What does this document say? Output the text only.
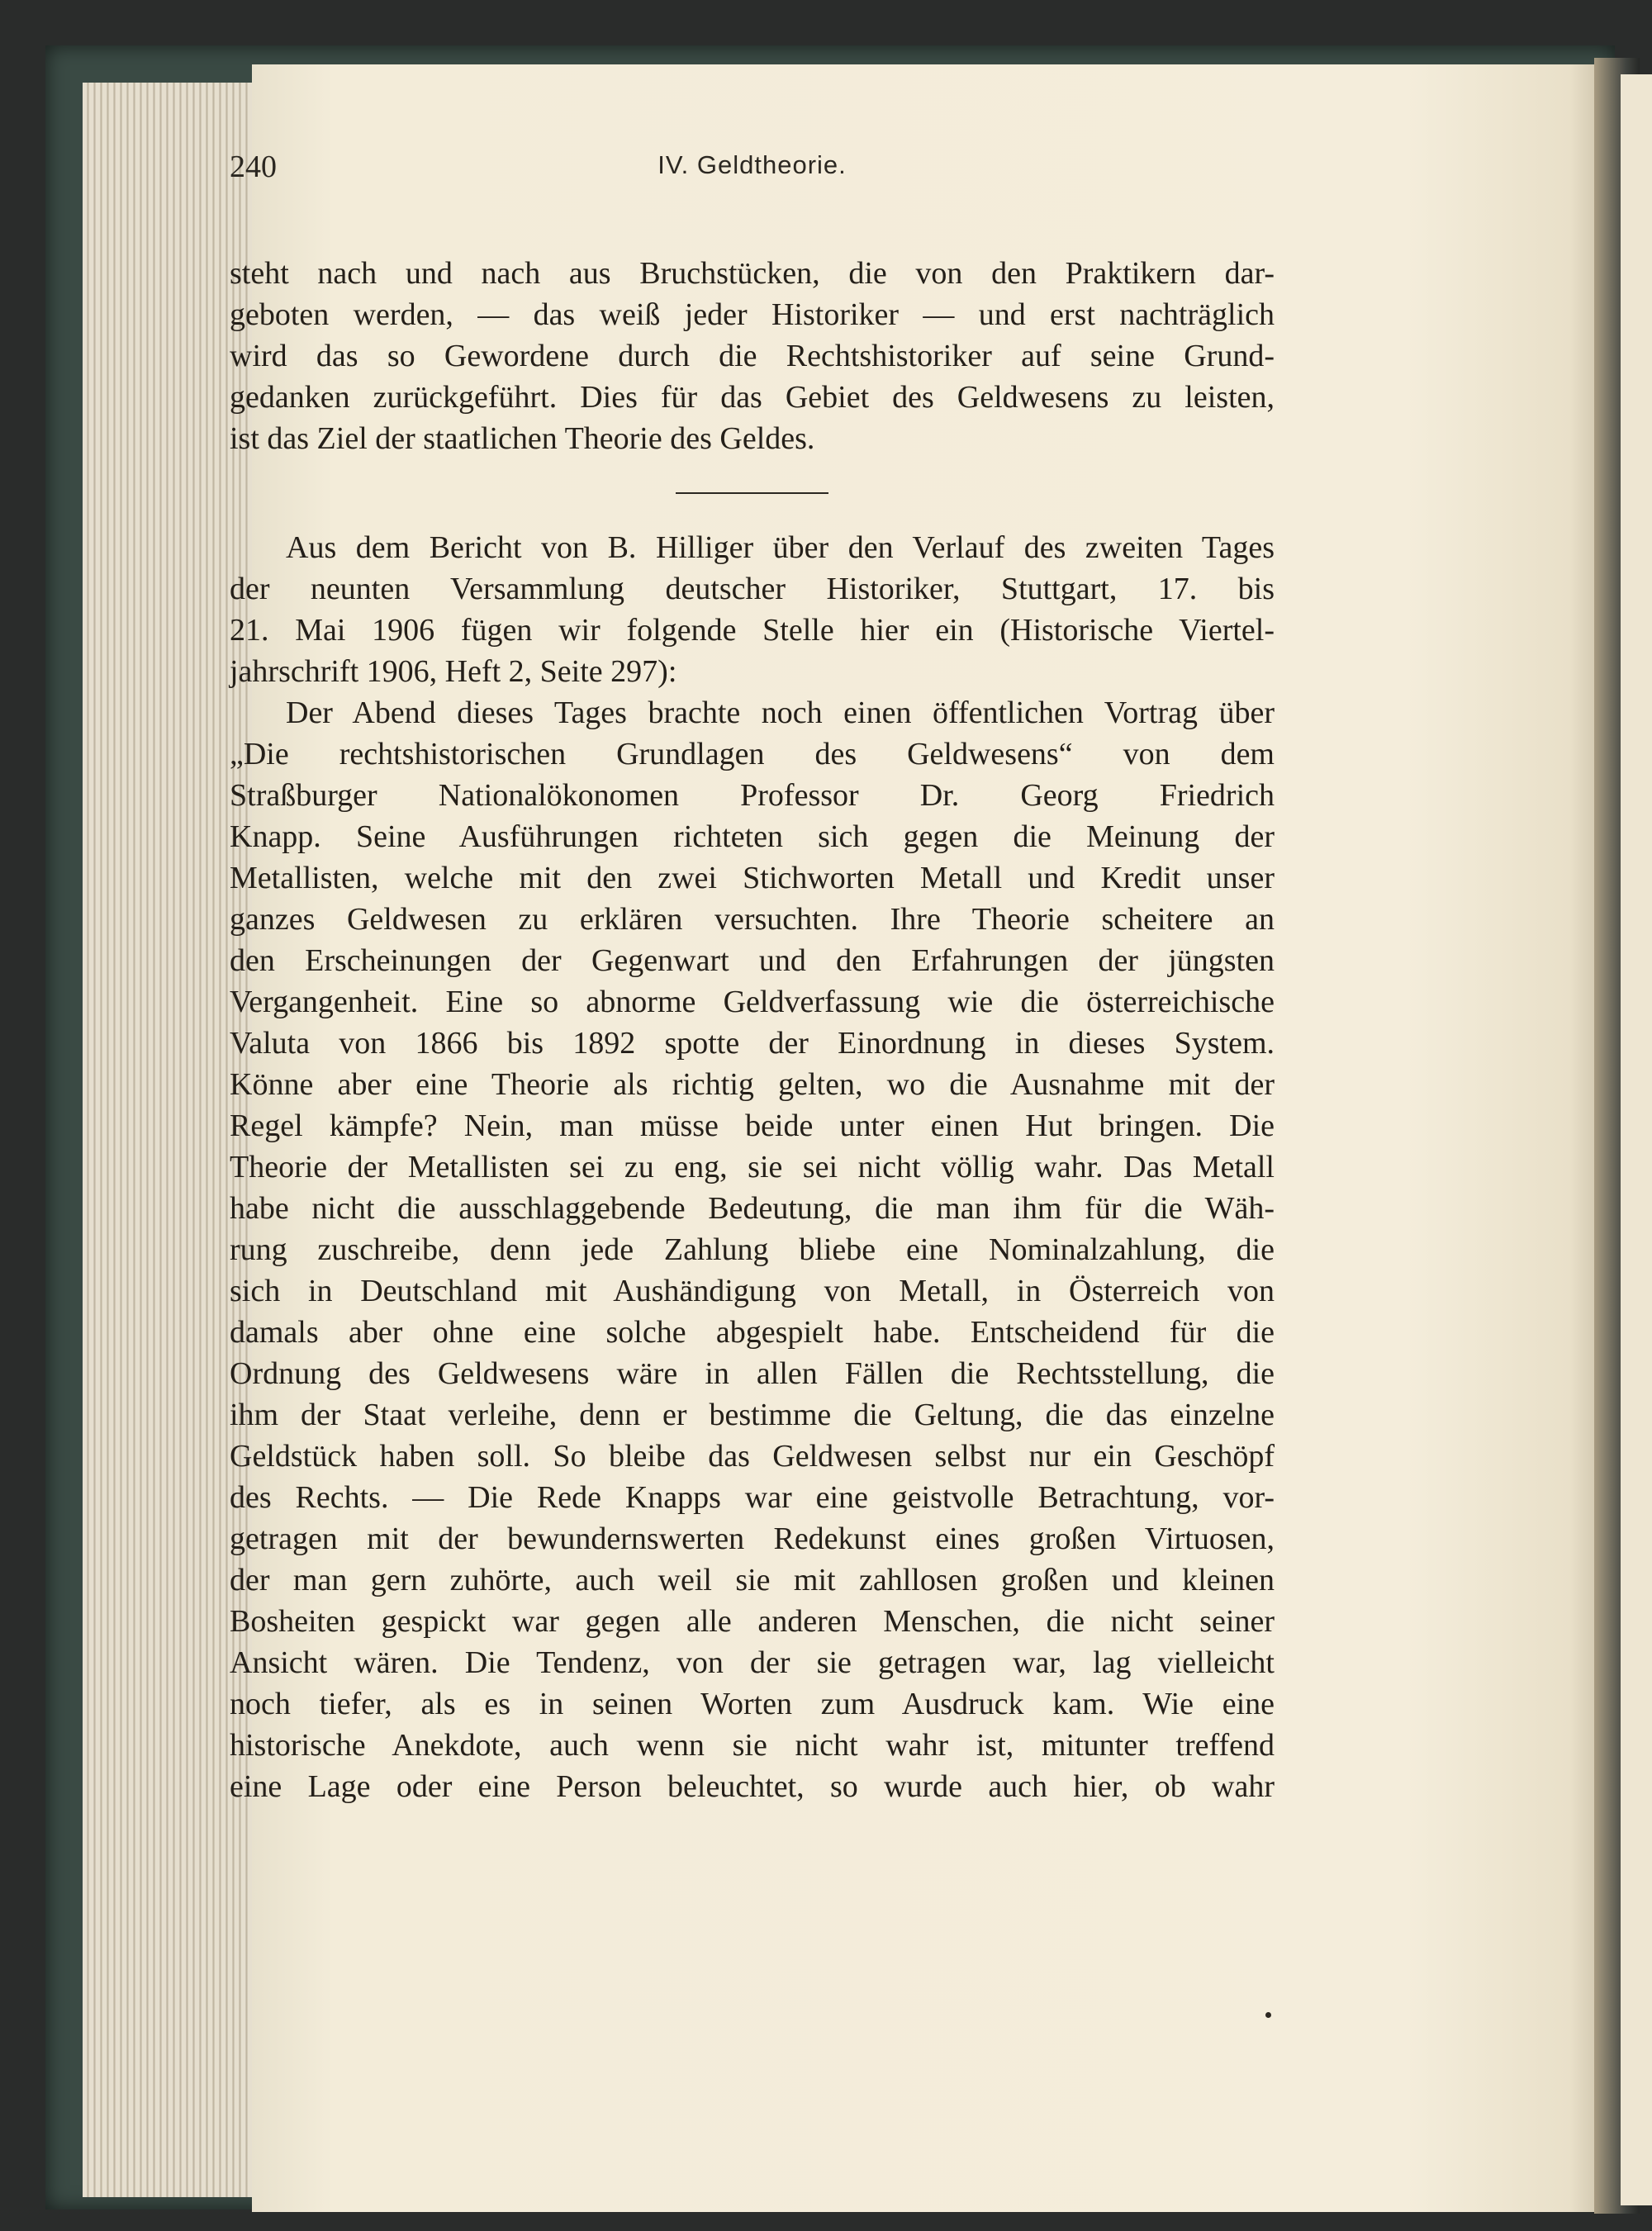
240	IV. Geldtheorie.
steht nach und nach aus Bruchstücken, die von den Praktikern dar-
geboten werden, — das weiß jeder Historiker — und erst nachträglich
wird das so Gewordene durch die Rechtshistoriker auf seine Grund-
gedanken zurückgeführt. Dies für das Gebiet des Geldwesens zu leisten,
ist das Ziel der staatlichen Theorie des Geldes.
Aus dem Bericht von B. Hilliger über den Verlauf des zweiten Tages
der neunten Versammlung deutscher Historiker, Stuttgart, 17. bis
21. Mai 1906 fügen wir folgende Stelle hier ein (Historische Viertel-
jahrschrift 1906, Heft 2, Seite 297):
Der Abend dieses Tages brachte noch einen öffentlichen Vortrag über
„Die rechtshistorischen Grundlagen des Geldwesens“ von dem
Straßburger Nationalökonomen Professor Dr. Georg Friedrich
Knapp. Seine Ausführungen richteten sich gegen die Meinung der
Metallisten, welche mit den zwei Stichworten Metall und Kredit unser
ganzes Geldwesen zu erklären versuchten. Ihre Theorie scheitere an
den Erscheinungen der Gegenwart und den Erfahrungen der jüngsten
Vergangenheit. Eine so abnorme Geldverfassung wie die österreichische
Valuta von 1866 bis 1892 spotte der Einordnung in dieses System.
Könne aber eine Theorie als richtig gelten, wo die Ausnahme mit der
Regel kämpfe? Nein, man müsse beide unter einen Hut bringen. Die
Theorie der Metallisten sei zu eng, sie sei nicht völlig wahr. Das Metall
habe nicht die ausschlaggebende Bedeutung, die man ihm für die Wäh-
rung zuschreibe, denn jede Zahlung bliebe eine Nominalzahlung, die
sich in Deutschland mit Aushändigung von Metall, in Österreich von
damals aber ohne eine solche abgespielt habe. Entscheidend für die
Ordnung des Geldwesens wäre in allen Fällen die Rechtsstellung, die
ihm der Staat verleihe, denn er bestimme die Geltung, die das einzelne
Geldstück haben soll. So bleibe das Geldwesen selbst nur ein Geschöpf
des Rechts. — Die Rede Knapps war eine geistvolle Betrachtung, vor-
getragen mit der bewundernswerten Redekunst eines großen Virtuosen,
der man gern zuhörte, auch weil sie mit zahllosen großen und kleinen
Bosheiten gespickt war gegen alle anderen Menschen, die nicht seiner
Ansicht wären. Die Tendenz, von der sie getragen war, lag vielleicht
noch tiefer, als es in seinen Worten zum Ausdruck kam. Wie eine
historische Anekdote, auch wenn sie nicht wahr ist, mitunter treffend
eine Lage oder eine Person beleuchtet, so wurde auch hier, ob wahr
